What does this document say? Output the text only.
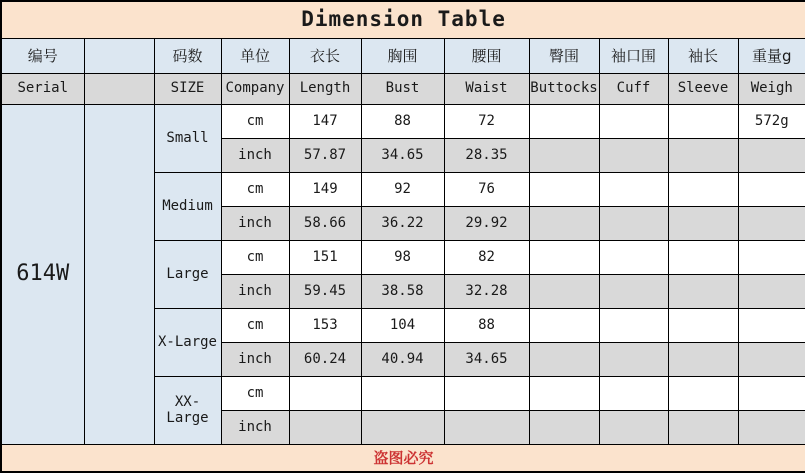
Dimension Table										
编号		码数	单位	衣长	胸围	腰围	臀围	袖口围	袖长	重量g
Serial		SIZE	Company	Length	Bust	Waist	Buttocks	Cuff	Sleeve	Weigh
614W		Small	cm	147	88	72				572g
			inch	57.87	34.65	28.35				
		Medium	cm	149	92	76				
			inch	58.66	36.22	29.92				
		Large	cm	151	98	82				
			inch	59.45	38.58	32.28				
		X-Large	cm	153	104	88				
			inch	60.24	40.94	34.65				
		XX-Large	cm							
			inch							
盗图必究										
